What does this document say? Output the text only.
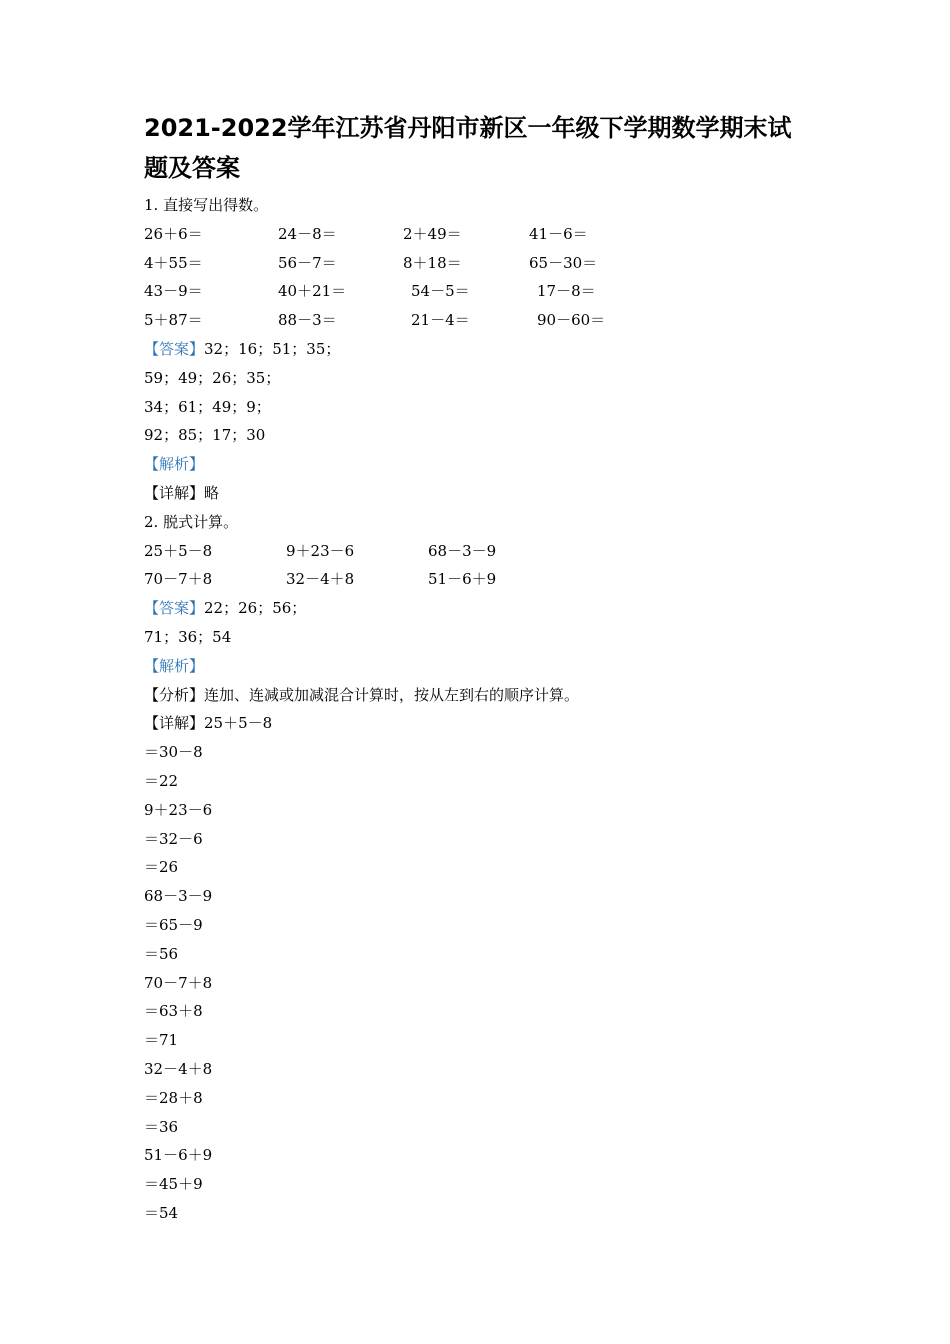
2021-2022学年江苏省丹阳市新区一年级下学期数学期末试
题及答案
1. 直接写出得数。
26＋6＝	24－8＝	2＋49＝	41－6＝
4＋55＝	56－7＝	8＋18＝	65－30＝
43－9＝	40＋21＝	54－5＝	17－8＝
5＋87＝	88－3＝	21－4＝	90－60＝
【答案】32；16；51；35；
59；49；26；35；
34；61；49；9；
92；85；17；30
【解析】
【详解】略
2. 脱式计算。
25＋5－8	9＋23－6	68－3－9
70－7＋8	32－4＋8	51－6＋9
【答案】22；26；56；
71；36；54
【解析】
【分析】连加、连减或加减混合计算时，按从左到右的顺序计算。
【详解】25＋5－8
＝30－8
＝22
9＋23－6
＝32－6
＝26
68－3－9
＝65－9
＝56
70－7＋8
＝63＋8
＝71
32－4＋8
＝28＋8
＝36
51－6＋9
＝45＋9
＝54
